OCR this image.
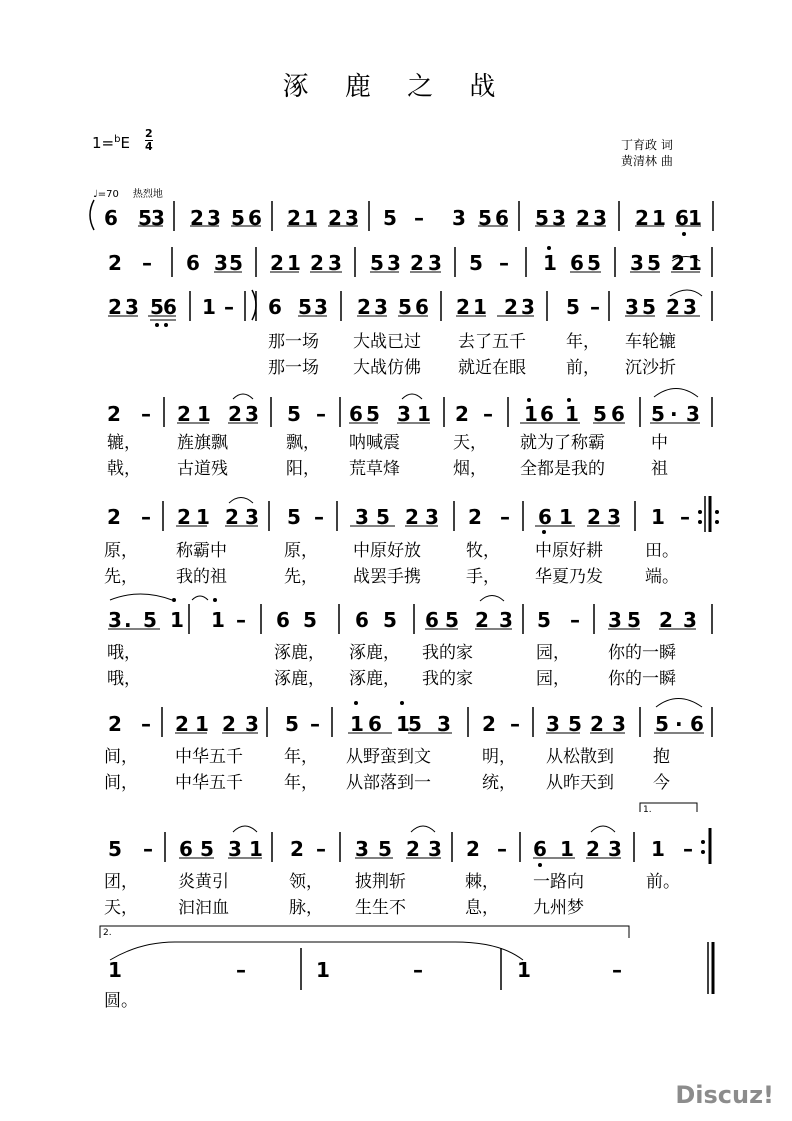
涿 鹿 之 战
$1=^bE \frac{2}{4}$	丁育政 词
黄清林 曲
♩=70 热烈地
6 5 3 2 3 5 6 2 1 2 3 5 – 3 5 6 5 3 2 3 2 1 6 1
2 – 6 3 5 2 1 2 3 5 3 2 3 5 – 1 6 5 3 5 2 1
2 3 5 6 1 – 6 5 3 2 3 5 6 2 1 2 3 5 – 3 5 2 3
2 – 2 1 2 3 5 – 6 5 3 1 2 – 1 6 1 5 6 5 · 3
2 – 2 1 2 3 5 – 3 5 2 3 2 – 6 1 2 3 1 –
3 . 5 1 1 – 6 5 6 5 6 5 2 3 5 – 3 5 2 3
2 – 2 1 2 3 5 – 1 6 1
5 3 2 – 3 5 2 3 5 · 6
5 – 6 5 3 1 2 – 3 5 2 3 2 – 6 1 2 3 1 –
1	–	1	–	1	–
1.
2.
那一场 大战已过 去了五千 年， 车轮辘
那一场 大战仿佛 就近在眼 前， 沉沙折
辘， 旌旗飘	飘， 呐喊震	天， 就为了称霸	中
戟， 古道残	阳， 荒草烽	烟， 全都是我的	祖
原， 称霸中	原， 中原好放	牧， 中原好耕 田。
先， 我的祖	先， 战罢手携	手， 华夏乃发 端。
哦，	涿鹿， 涿鹿， 我的家	园， 你的一瞬
哦，	涿鹿， 涿鹿， 我的家	园， 你的一瞬
间， 中华五千 年， 从野蛮到文	明， 从松散到 抱
间， 中华五千 年， 从部落到一	统， 从昨天到 今
团， 炎黄引	领， 披荆斩	棘， 一路向	前。
天， 汩汩血	脉， 生生不	息， 九州梦
圆。
Discuz!
